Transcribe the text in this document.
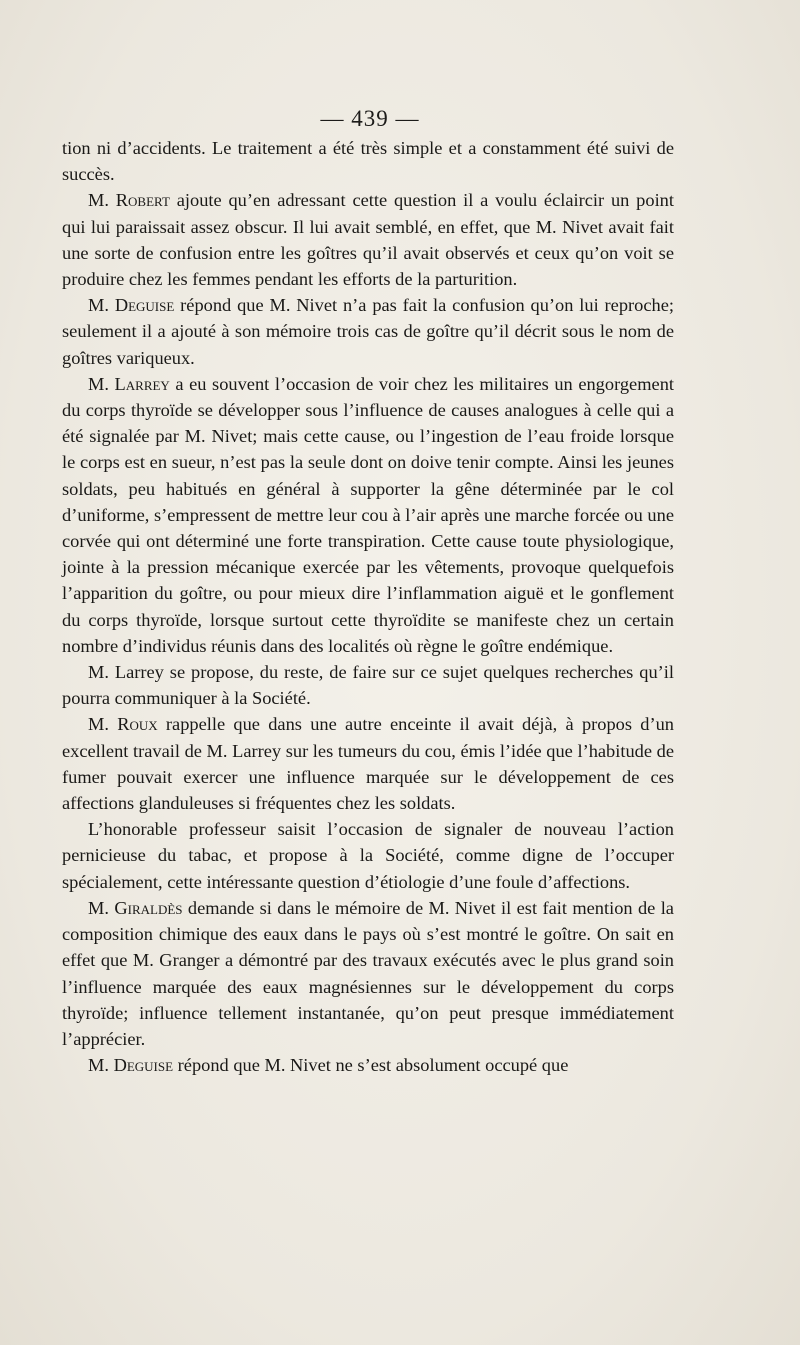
— 439 —

tion ni d’accidents. Le traitement a été très simple et a constamment été suivi de succès.

M. Robert ajoute qu’en adressant cette question il a voulu éclaircir un point qui lui paraissait assez obscur. Il lui avait semblé, en effet, que M. Nivet avait fait une sorte de confusion entre les goîtres qu’il avait observés et ceux qu’on voit se produire chez les femmes pendant les efforts de la parturition.

M. Deguise répond que M. Nivet n’a pas fait la confusion qu’on lui reproche; seulement il a ajouté à son mémoire trois cas de goître qu’il décrit sous le nom de goîtres variqueux.

M. Larrey a eu souvent l’occasion de voir chez les militaires un engorgement du corps thyroïde se développer sous l’influence de causes analogues à celle qui a été signalée par M. Nivet; mais cette cause, ou l’ingestion de l’eau froide lorsque le corps est en sueur, n’est pas la seule dont on doive tenir compte. Ainsi les jeunes soldats, peu habitués en général à supporter la gêne déterminée par le col d’uniforme, s’empressent de mettre leur cou à l’air après une marche forcée ou une corvée qui ont déterminé une forte transpiration. Cette cause toute physiologique, jointe à la pression mécanique exercée par les vêtements, provoque quelquefois l’apparition du goître, ou pour mieux dire l’inflammation aiguë et le gonflement du corps thyroïde, lorsque surtout cette thyroïdite se manifeste chez un certain nombre d’individus réunis dans des localités où règne le goître endémique.

M. Larrey se propose, du reste, de faire sur ce sujet quelques recherches qu’il pourra communiquer à la Société.

M. Roux rappelle que dans une autre enceinte il avait déjà, à propos d’un excellent travail de M. Larrey sur les tumeurs du cou, émis l’idée que l’habitude de fumer pouvait exercer une influence marquée sur le développement de ces affections glanduleuses si fréquentes chez les soldats.

L’honorable professeur saisit l’occasion de signaler de nouveau l’action pernicieuse du tabac, et propose à la Société, comme digne de l’occuper spécialement, cette intéressante question d’étiologie d’une foule d’affections.

M. Giraldès demande si dans le mémoire de M. Nivet il est fait mention de la composition chimique des eaux dans le pays où s’est montré le goître. On sait en effet que M. Granger a démontré par des travaux exécutés avec le plus grand soin l’influence marquée des eaux magnésiennes sur le développement du corps thyroïde; influence tellement instantanée, qu’on peut presque immédiatement l’apprécier.

M. Deguise répond que M. Nivet ne s’est absolument occupé que
